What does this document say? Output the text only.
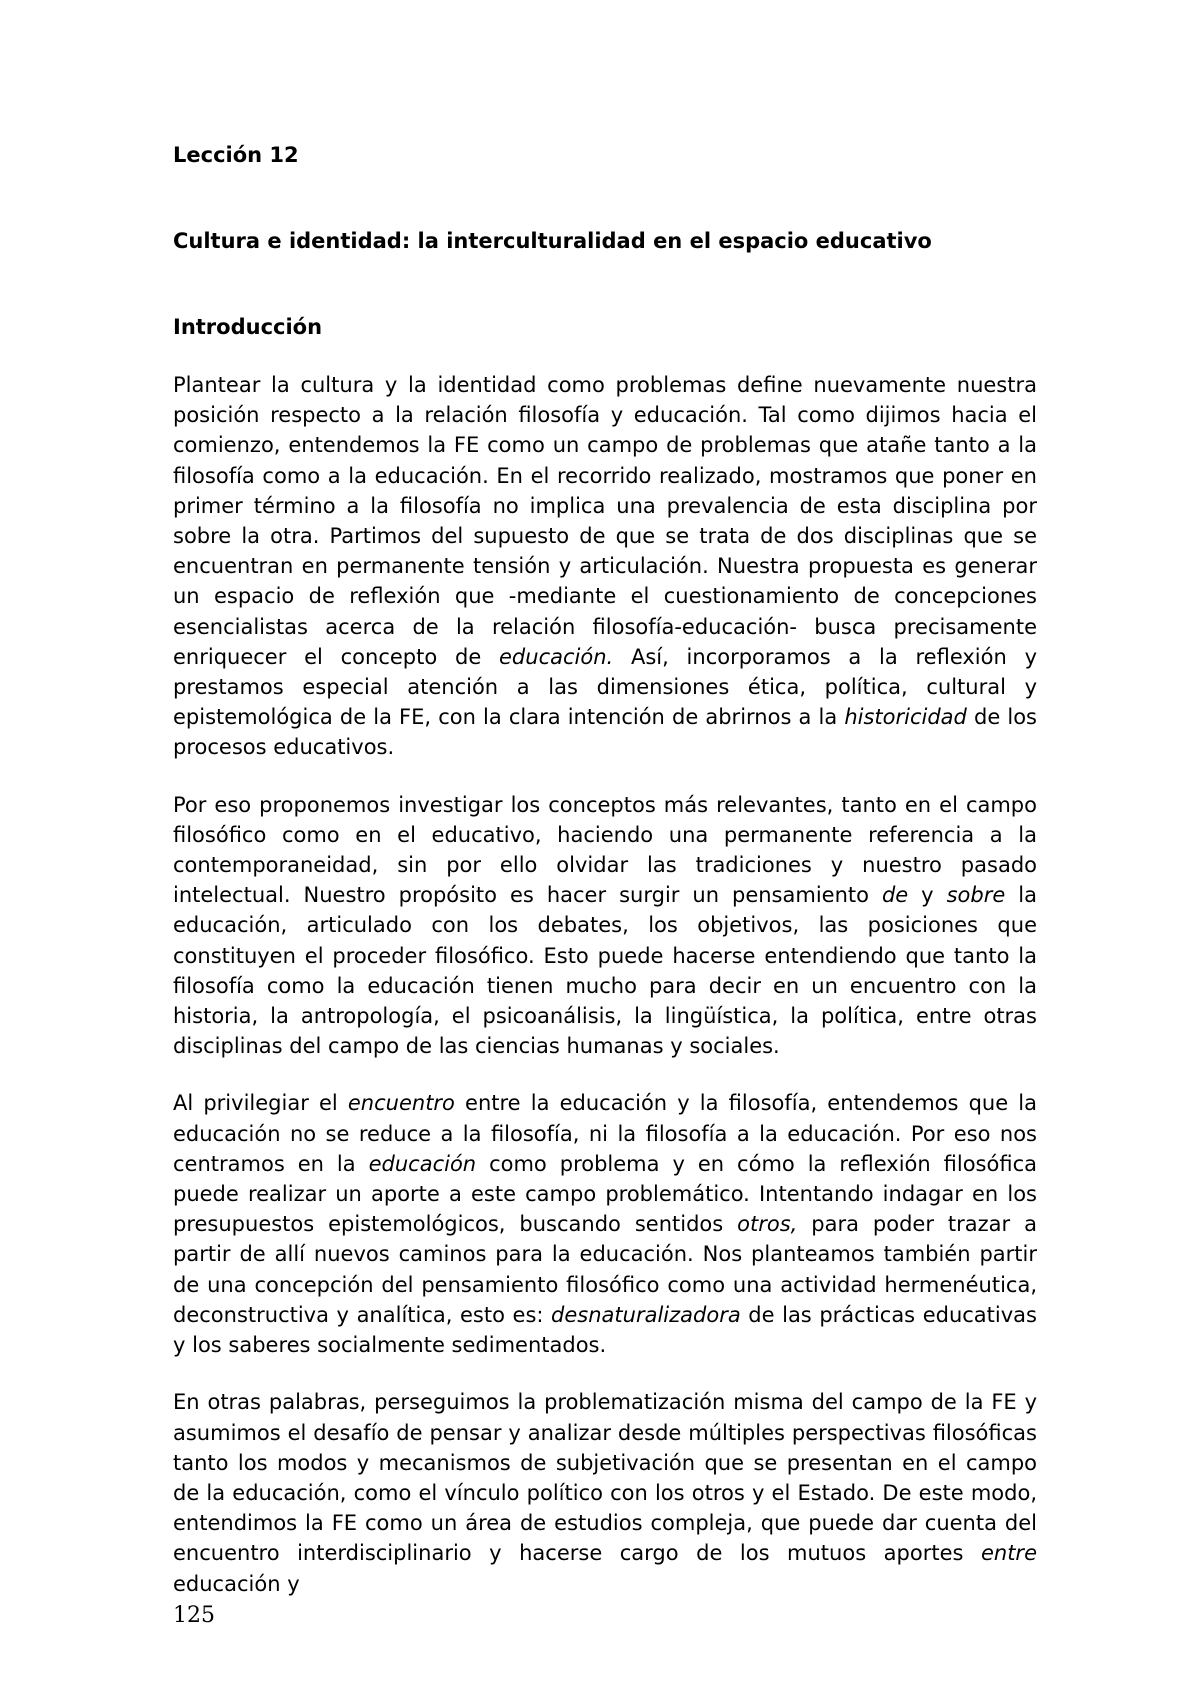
Lección 12

Cultura e identidad: la interculturalidad en el espacio educativo

Introducción

Plantear la cultura y la identidad como problemas define nuevamente nuestra posición respecto a la relación filosofía y educación. Tal como dijimos hacia el comienzo, entendemos la FE como un campo de problemas que atañe tanto a la filosofía como a la educación. En el recorrido realizado, mostramos que poner en primer término a la filosofía no implica una prevalencia de esta disciplina por sobre la otra. Partimos del supuesto de que se trata de dos disciplinas que se encuentran en permanente tensión y articulación. Nuestra propuesta es generar un espacio de reflexión que -mediante el cuestionamiento de concepciones esencialistas acerca de la relación filosofía-educación- busca precisamente enriquecer el concepto de educación. Así, incorporamos a la reflexión y prestamos especial atención a las dimensiones ética, política, cultural y epistemológica de la FE, con la clara intención de abrirnos a la historicidad de los procesos educativos.

Por eso proponemos investigar los conceptos más relevantes, tanto en el campo filosófico como en el educativo, haciendo una permanente referencia a la contemporaneidad, sin por ello olvidar las tradiciones y nuestro pasado intelectual. Nuestro propósito es hacer surgir un pensamiento de y sobre la educación, articulado con los debates, los objetivos, las posiciones que constituyen el proceder filosófico. Esto puede hacerse entendiendo que tanto la filosofía como la educación tienen mucho para decir en un encuentro con la historia, la antropología, el psicoanálisis, la lingüística, la política, entre otras disciplinas del campo de las ciencias humanas y sociales.

Al privilegiar el encuentro entre la educación y la filosofía, entendemos que la educación no se reduce a la filosofía, ni la filosofía a la educación. Por eso nos centramos en la educación como problema y en cómo la reflexión filosófica puede realizar un aporte a este campo problemático. Intentando indagar en los presupuestos epistemológicos, buscando sentidos otros, para poder trazar a partir de allí nuevos caminos para la educación. Nos planteamos también partir de una concepción del pensamiento filosófico como una actividad hermenéutica, deconstructiva y analítica, esto es: desnaturalizadora de las prácticas educativas y los saberes socialmente sedimentados.

En otras palabras, perseguimos la problematización misma del campo de la FE y asumimos el desafío de pensar y analizar desde múltiples perspectivas filosóficas tanto los modos y mecanismos de subjetivación que se presentan en el campo de la educación, como el vínculo político con los otros y el Estado. De este modo, entendimos la FE como un área de estudios compleja, que puede dar cuenta del encuentro interdisciplinario y hacerse cargo de los mutuos aportes entre educación y

125
